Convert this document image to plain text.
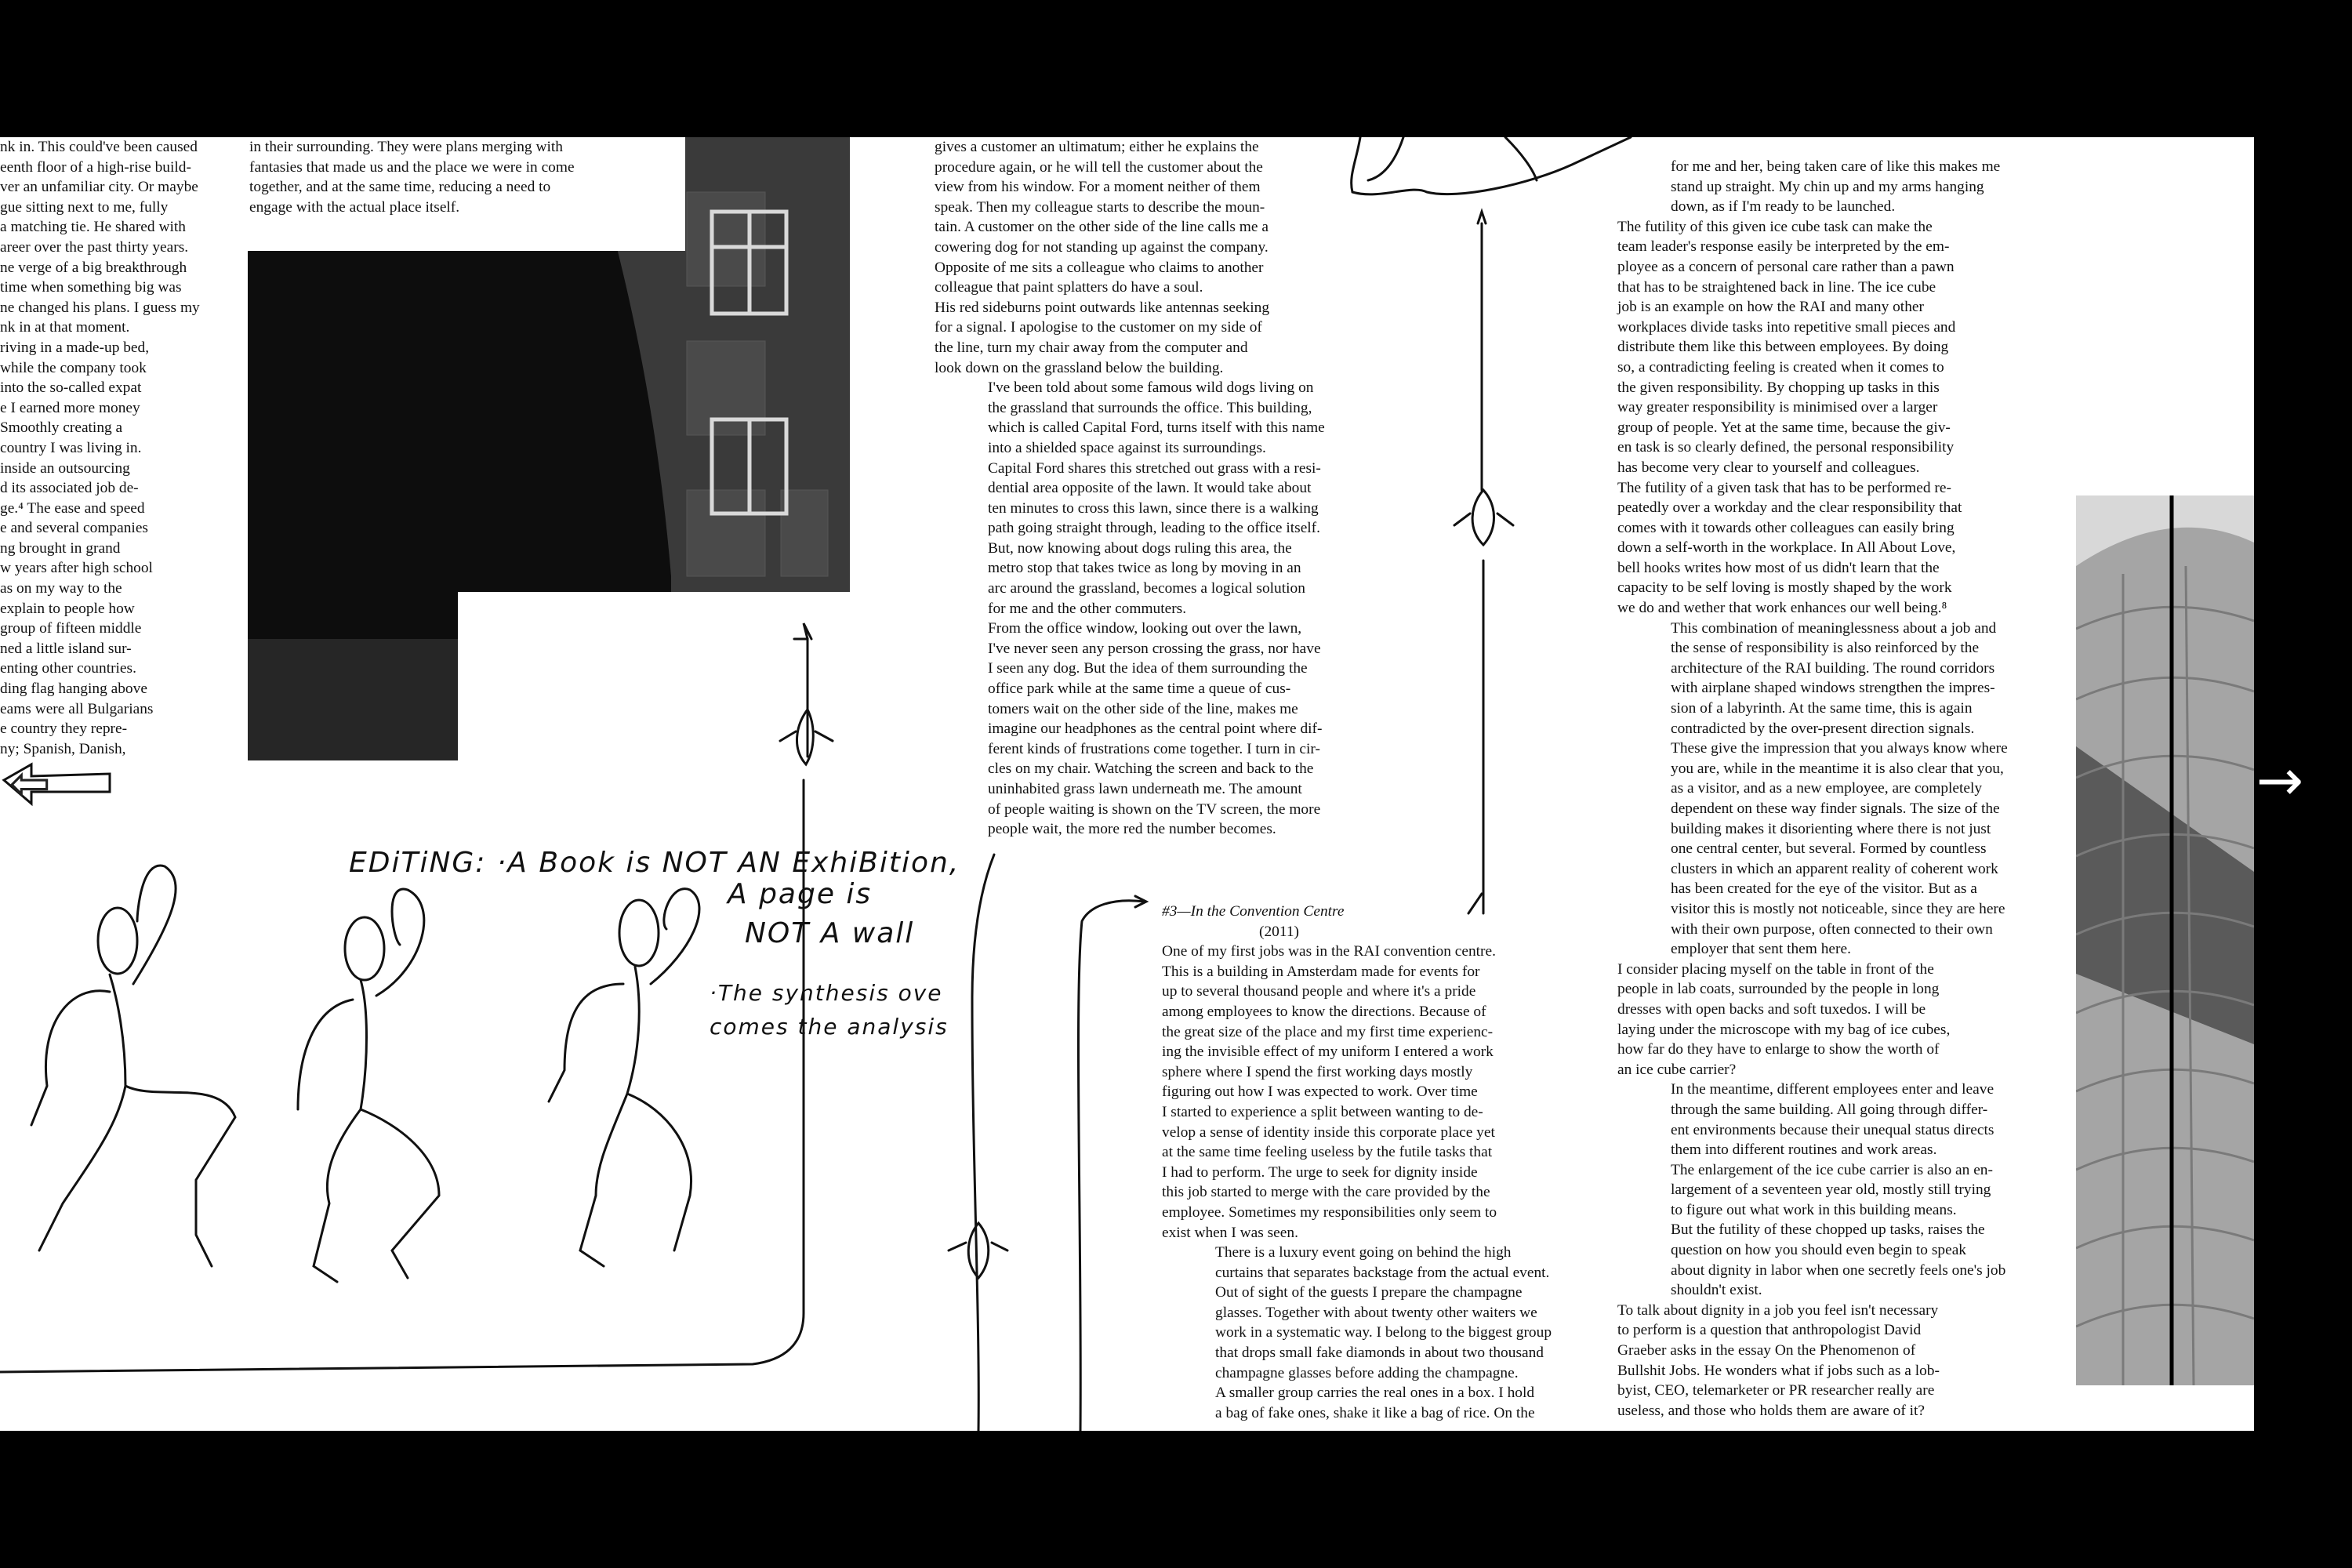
nk in. This could've been caused

eenth floor of a high-rise build-

ver an unfamiliar city. Or maybe

gue sitting next to me, fully

a matching tie. He shared with

areer over the past thirty years.

ne verge of a big breakthrough

time when something big was

ne changed his plans. I guess my

nk in at that moment.

riving in a made-up bed,

while the company took

into the so-called expat

e I earned more money

Smoothly creating a

country I was living in.

inside an outsourcing

d its associated job de-

ge.⁴ The ease and speed

e and several companies

ng brought in grand

w years after high school

as on my way to the

explain to people how

group of fifteen middle

ned a little island sur-

enting other countries.

ding flag hanging above

eams were all Bulgarians

e country they repre-

ny; Spanish, Danish,

in their surrounding. They were plans merging with

fantasies that made us and the place we were in come

together, and at the same time, reducing a need to

engage with the actual place itself.

gives a customer an ultimatum; either he explains the

procedure again, or he will tell the customer about the

view from his window. For a moment neither of them

speak. Then my colleague starts to describe the moun-

tain. A customer on the other side of the line calls me a

cowering dog for not standing up against the company.

Opposite of me sits a colleague who claims to another

colleague that paint splatters do have a soul.

His red sideburns point outwards like antennas seeking

for a signal. I apologise to the customer on my side of

the line, turn my chair away from the computer and

look down on the grassland below the building.

I've been told about some famous wild dogs living on

the grassland that surrounds the office. This building,

which is called Capital Ford, turns itself with this name

into a shielded space against its surroundings.

Capital Ford shares this stretched out grass with a resi-

dential area opposite of the lawn. It would take about

ten minutes to cross this lawn, since there is a walking

path going straight through, leading to the office itself.

But, now knowing about dogs ruling this area, the

metro stop that takes twice as long by moving in an

arc around the grassland, becomes a logical solution

for me and the other commuters.

From the office window, looking out over the lawn,

I've never seen any person crossing the grass, nor have

I seen any dog. But the idea of them surrounding the

office park while at the same time a queue of cus-

tomers wait on the other side of the line, makes me

imagine our headphones as the central point where dif-

ferent kinds of frustrations come together. I turn in cir-

cles on my chair. Watching the screen and back to the

uninhabited grass lawn underneath me. The amount

of people waiting is shown on the TV screen, the more

people wait, the more red the number becomes.

#3—In the Convention Centre

(2011)

One of my first jobs was in the RAI convention centre.

This is a building in Amsterdam made for events for

up to several thousand people and where it's a pride

among employees to know the directions. Because of

the great size of the place and my first time experienc-

ing the invisible effect of my uniform I entered a work

sphere where I spend the first working days mostly

figuring out how I was expected to work. Over time

I started to experience a split between wanting to de-

velop a sense of identity inside this corporate place yet

at the same time feeling useless by the futile tasks that

I had to perform. The urge to seek for dignity inside

this job started to merge with the care provided by the

employee. Sometimes my responsibilities only seem to

exist when I was seen.

There is a luxury event going on behind the high

curtains that separates backstage from the actual event.

Out of sight of the guests I prepare the champagne

glasses. Together with about twenty other waiters we

work in a systematic way. I belong to the biggest group

that drops small fake diamonds in about two thousand

champagne glasses before adding the champagne.

A smaller group carries the real ones in a box. I hold

a bag of fake ones, shake it like a bag of rice. On the

for me and her, being taken care of like this makes me

stand up straight. My chin up and my arms hanging

down, as if I'm ready to be launched.

The futility of this given ice cube task can make the

team leader's response easily be interpreted by the em-

ployee as a concern of personal care rather than a pawn

that has to be straightened back in line. The ice cube

job is an example on how the RAI and many other

workplaces divide tasks into repetitive small pieces and

distribute them like this between employees. By doing

so, a contradicting feeling is created when it comes to

the given responsibility. By chopping up tasks in this

way greater responsibility is minimised over a larger

group of people. Yet at the same time, because the giv-

en task is so clearly defined, the personal responsibility

has become very clear to yourself and colleagues.

The futility of a given task that has to be performed re-

peatedly over a workday and the clear responsibility that

comes with it towards other colleagues can easily bring

down a self-worth in the workplace. In All About Love,

bell hooks writes how most of us didn't learn that the

capacity to be self loving is mostly shaped by the work

we do and wether that work enhances our well being.⁸

This combination of meaninglessness about a job and

the sense of responsibility is also reinforced by the

architecture of the RAI building. The round corridors

with airplane shaped windows strengthen the impres-

sion of a labyrinth. At the same time, this is again

contradicted by the over-present direction signals.

These give the impression that you always know where

you are, while in the meantime it is also clear that you,

as a visitor, and as a new employee, are completely

dependent on these way finder signals. The size of the

building makes it disorienting where there is not just

one central center, but several. Formed by countless

clusters in which an apparent reality of coherent work

has been created for the eye of the visitor. But as a

visitor this is mostly not noticeable, since they are here

with their own purpose, often connected to their own

employer that sent them here.

I consider placing myself on the table in front of the

people in lab coats, surrounded by the people in long

dresses with open backs and soft tuxedos. I will be

laying under the microscope with my bag of ice cubes,

how far do they have to enlarge to show the worth of

an ice cube carrier?

In the meantime, different employees enter and leave

through the same building. All going through differ-

ent environments because their unequal status directs

them into different routines and work areas.

The enlargement of the ice cube carrier is also an en-

largement of a seventeen year old, mostly still trying

to figure out what work in this building means.

But the futility of these chopped up tasks, raises the

question on how you should even begin to speak

about dignity in labor when one secretly feels one's job

shouldn't exist.

To talk about dignity in a job you feel isn't necessary

to perform is a question that anthropologist David

Graeber asks in the essay On the Phenomenon of

Bullshit Jobs. He wonders what if jobs such as a lob-

byist, CEO, telemarketer or PR researcher really are

useless, and those who holds them are aware of it?

EDiTiNG: ·A Book is NOT AN ExhiBition,
A page is
NOT A wall
·The synthesis ove
comes the analysis
⇦	→
